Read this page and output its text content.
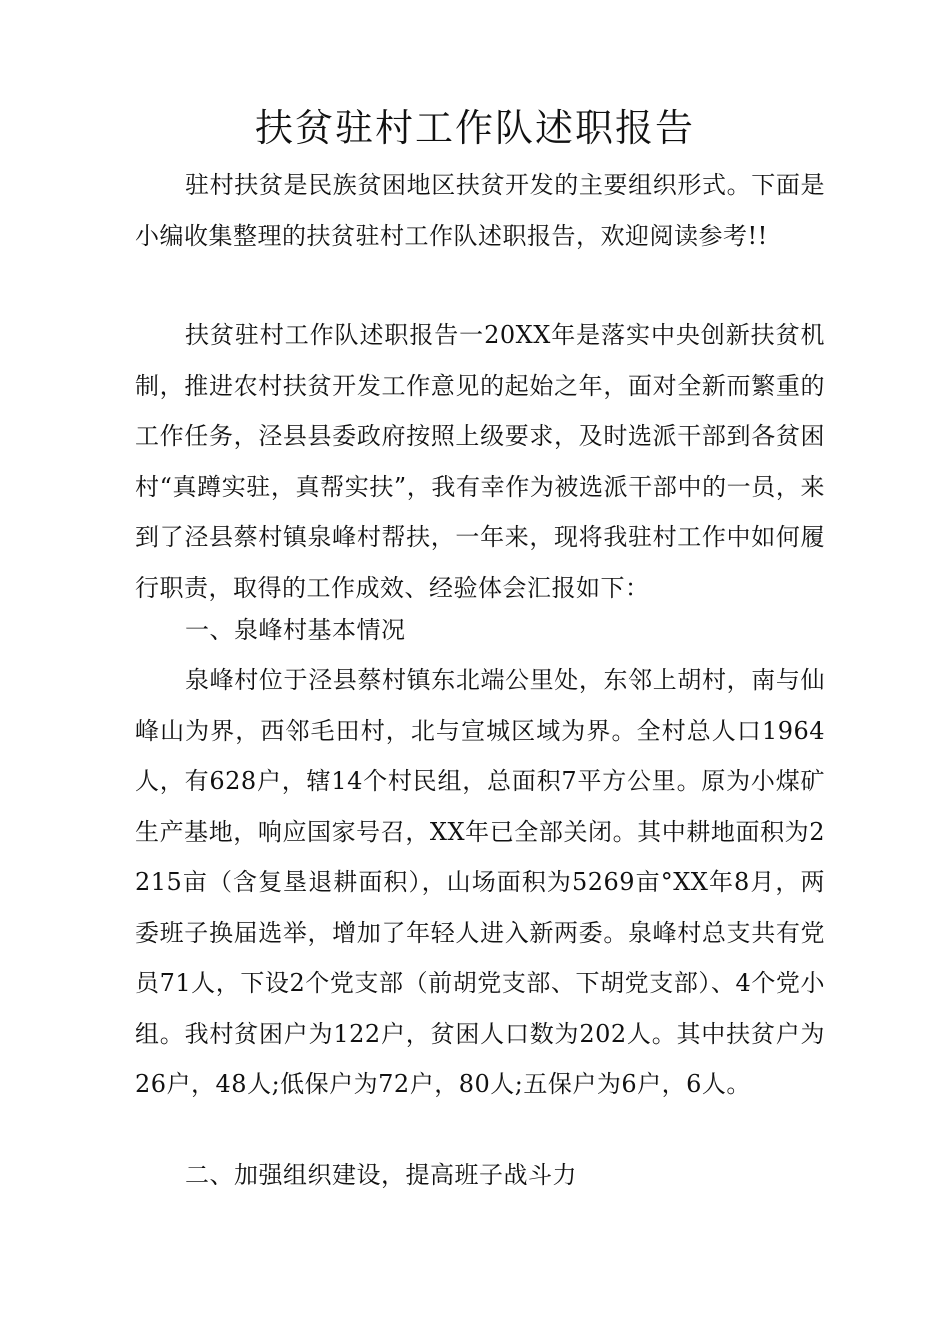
扶贫驻村工作队述职报告

驻村扶贫是民族贫困地区扶贫开发的主要组织形式。下面是小编收集整理的扶贫驻村工作队述职报告，欢迎阅读参考!!

扶贫驻村工作队述职报告一20XX年是落实中央创新扶贫机制，推进农村扶贫开发工作意见的起始之年，面对全新而繁重的工作任务，泾县县委政府按照上级要求，及时选派干部到各贫困村“真蹲实驻，真帮实扶”，我有幸作为被选派干部中的一员，来到了泾县蔡村镇泉峰村帮扶，一年来，现将我驻村工作中如何履行职责，取得的工作成效、经验体会汇报如下：

一、泉峰村基本情况

泉峰村位于泾县蔡村镇东北端公里处，东邻上胡村，南与仙峰山为界，西邻毛田村，北与宣城区域为界。全村总人口1964人，有628户，辖14个村民组，总面积7平方公里。原为小煤矿生产基地，响应国家号召，XX年已全部关闭。其中耕地面积为2215亩（含复垦退耕面积），山场面积为5269亩°XX年8月，两委班子换届选举，增加了年轻人进入新两委。泉峰村总支共有党员71人，下设2个党支部（前胡党支部、下胡党支部）、4个党小组。我村贫困户为122户，贫困人口数为202人。其中扶贫户为26户，48人;低保户为72户，80人;五保户为6户，6人。

二、加强组织建设，提高班子战斗力
